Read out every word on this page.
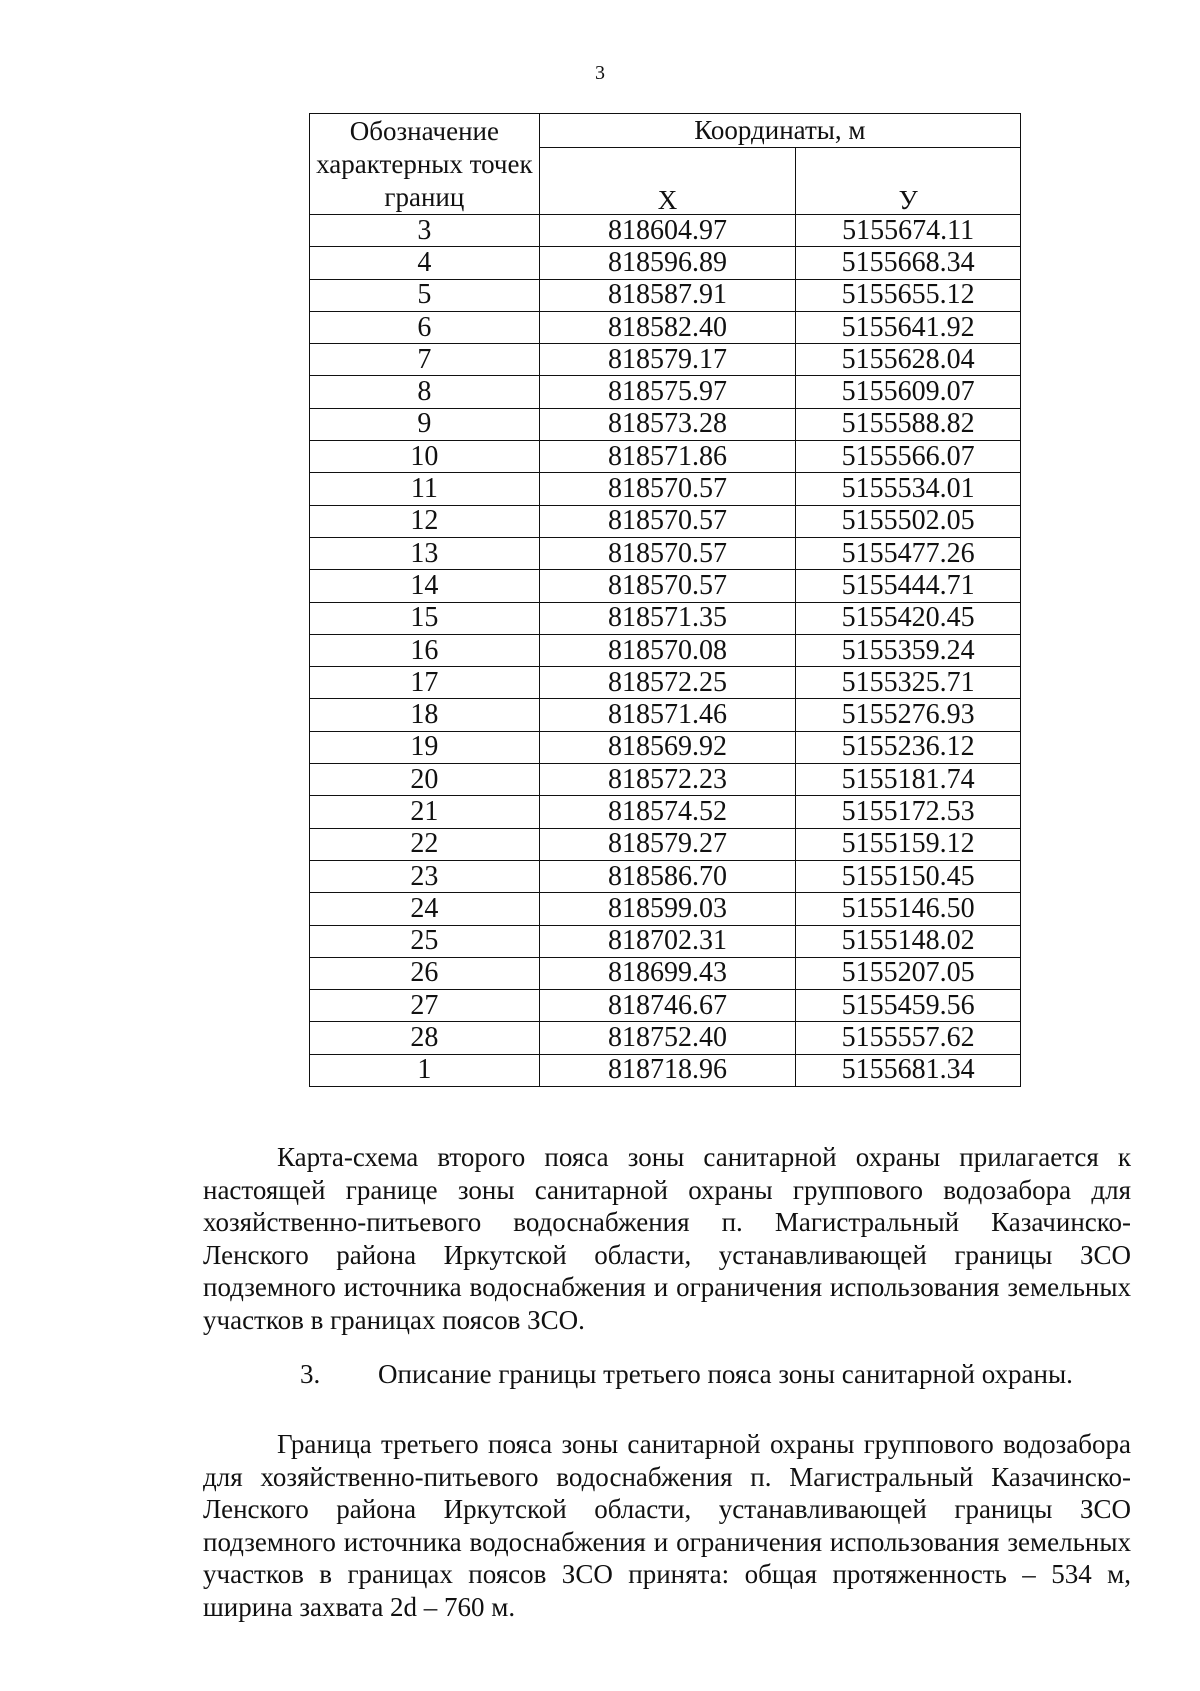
3
Обозначение характерных точек границ	Координаты, м	
	Х	У
3	818604.97	5155674.11
4	818596.89	5155668.34
5	818587.91	5155655.12
6	818582.40	5155641.92
7	818579.17	5155628.04
8	818575.97	5155609.07
9	818573.28	5155588.82
10	818571.86	5155566.07
11	818570.57	5155534.01
12	818570.57	5155502.05
13	818570.57	5155477.26
14	818570.57	5155444.71
15	818571.35	5155420.45
16	818570.08	5155359.24
17	818572.25	5155325.71
18	818571.46	5155276.93
19	818569.92	5155236.12
20	818572.23	5155181.74
21	818574.52	5155172.53
22	818579.27	5155159.12
23	818586.70	5155150.45
24	818599.03	5155146.50
25	818702.31	5155148.02
26	818699.43	5155207.05
27	818746.67	5155459.56
28	818752.40	5155557.62
1	818718.96	5155681.34
Карта-схема второго пояса зоны санитарной охраны прилагается к настоящей границе зоны санитарной охраны группового водозабора для хозяйственно-питьевого водоснабжения п. Магистральный Казачинско-Ленского района Иркутской области, устанавливающей границы ЗСО подземного источника водоснабжения и ограничения использования земельных участков в границах поясов ЗСО.
3. Описание границы третьего пояса зоны санитарной охраны.
Граница третьего пояса зоны санитарной охраны группового водозабора для хозяйственно-питьевого водоснабжения п. Магистральный Казачинско-Ленского района Иркутской области, устанавливающей границы ЗСО подземного источника водоснабжения и ограничения использования земельных участков в границах поясов ЗСО принята: общая протяженность – 534 м, ширина захвата 2d – 760 м.
